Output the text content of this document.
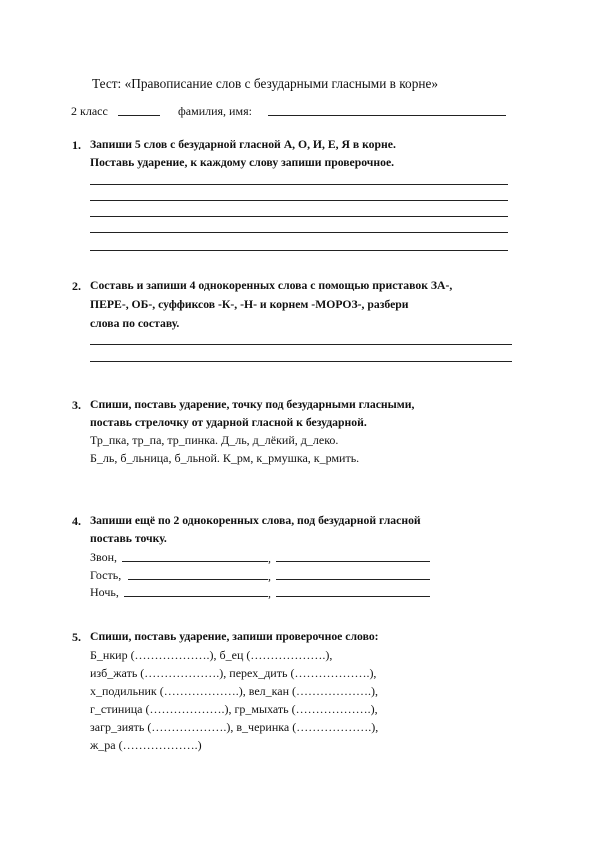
Тест: «Правописание слов с безударными гласными в корне»
2 класс	фамилия, имя:
1. Запиши 5 слов с безударной гласной А, О, И, Е, Я в корне.
Поставь ударение, к каждому слову запиши проверочное.
2. Составь и запиши 4 однокоренных слова с помощью приставок ЗА-,
ПЕРЕ-, ОБ-, суффиксов -К-, -Н- и корнем -МОРОЗ-, разбери
слова по составу.
3. Спиши, поставь ударение, точку под безударными гласными,
поставь стрелочку от ударной гласной к безударной.
Тр_пка, тр_па, тр_пинка. Д_ль, д_лёкий, д_леко.
Б_ль, б_льница, б_льной. К_рм, к_рмушка, к_рмить.
4. Запиши ещё по 2 однокоренных слова, под безударной гласной
поставь точку.
Звон,	,
Гость,	,
Ночь,	,
5. Спиши, поставь ударение, запиши проверочное слово:
Б_нкир (……………….), б_ец (……………….),
изб_жать (……………….), перех_дить (……………….),
х_подильник (……………….), вел_кан (……………….),
г_стиница (……………….), гр_мыхать (……………….),
загр_зиять (……………….), в_черинка (……………….),
ж_ра (……………….)
